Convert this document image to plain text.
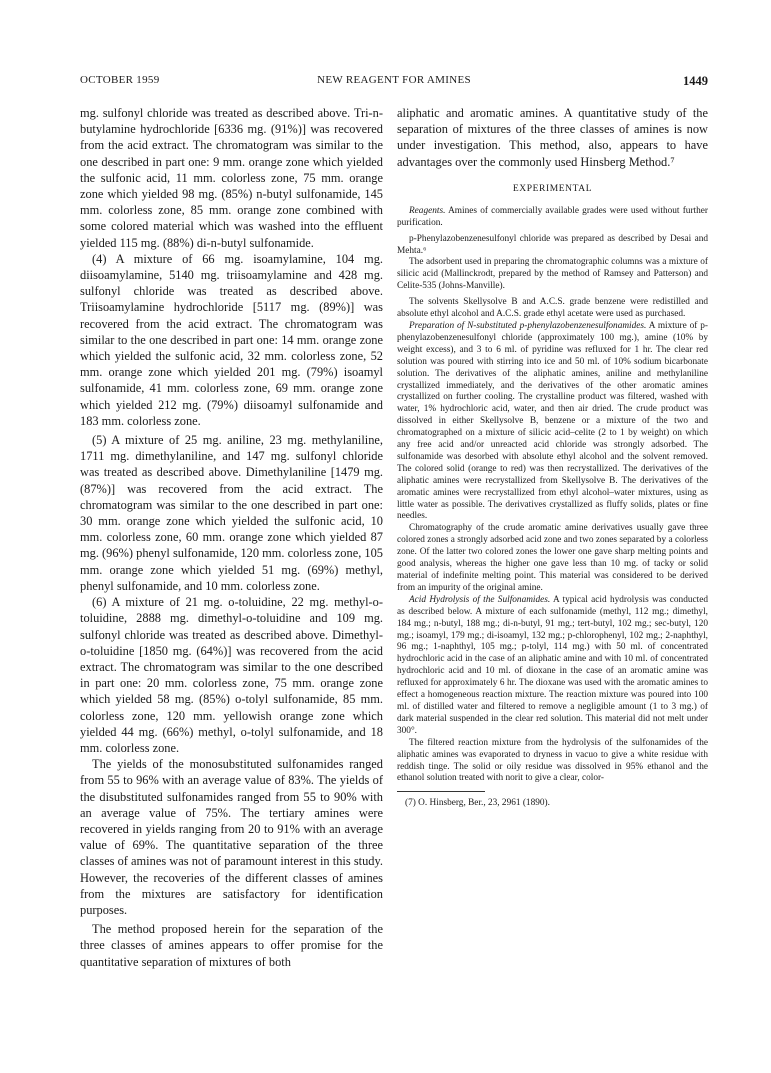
OCTOBER 1959	NEW REAGENT FOR AMINES	1449

mg. sulfonyl chloride was treated as described above. Tri-n-butylamine hydrochloride [6336 mg. (91%)] was recovered from the acid extract. The chromatogram was similar to the one described in part one: 9 mm. orange zone which yielded the sulfonic acid, 11 mm. colorless zone, 75 mm. orange zone which yielded 98 mg. (85%) n-butyl sulfonamide, 145 mm. colorless zone, 85 mm. orange zone combined with some colored material which was washed into the effluent yielded 115 mg. (88%) di-n-butyl sulfonamide.

(4) A mixture of 66 mg. isoamylamine, 104 mg. diisoamylamine, 5140 mg. triisoamylamine and 428 mg. sulfonyl chloride was treated as described above. Triisoamylamine hydrochloride [5117 mg. (89%)] was recovered from the acid extract. The chromatogram was similar to the one described in part one: 14 mm. orange zone which yielded the sulfonic acid, 32 mm. colorless zone, 52 mm. orange zone which yielded 201 mg. (79%) isoamyl sulfonamide, 41 mm. colorless zone, 69 mm. orange zone which yielded 212 mg. (79%) diisoamyl sulfonamide and 183 mm. colorless zone.

(5) A mixture of 25 mg. aniline, 23 mg. methylaniline, 1711 mg. dimethylaniline, and 147 mg. sulfonyl chloride was treated as described above. Dimethylaniline [1479 mg. (87%)] was recovered from the acid extract. The chromatogram was similar to the one described in part one: 30 mm. orange zone which yielded the sulfonic acid, 10 mm. colorless zone, 60 mm. orange zone which yielded 87 mg. (96%) phenyl sulfonamide, 120 mm. colorless zone, 105 mm. orange zone which yielded 51 mg. (69%) methyl, phenyl sulfonamide, and 10 mm. colorless zone.

(6) A mixture of 21 mg. o-toluidine, 22 mg. methyl-o-toluidine, 2888 mg. dimethyl-o-toluidine and 109 mg. sulfonyl chloride was treated as described above. Dimethyl-o-toluidine [1850 mg. (64%)] was recovered from the acid extract. The chromatogram was similar to the one described in part one: 20 mm. colorless zone, 75 mm. orange zone which yielded 58 mg. (85%) o-tolyl sulfonamide, 85 mm. colorless zone, 120 mm. yellowish orange zone which yielded 44 mg. (66%) methyl, o-tolyl sulfonamide, and 18 mm. colorless zone.

The yields of the monosubstituted sulfonamides ranged from 55 to 96% with an average value of 83%. The yields of the disubstituted sulfonamides ranged from 55 to 90% with an average value of 75%. The tertiary amines were recovered in yields ranging from 20 to 91% with an average value of 69%. The quantitative separation of the three classes of amines was not of paramount interest in this study. However, the recoveries of the different classes of amines from the mixtures are satisfactory for identification purposes.

The method proposed herein for the separation of the three classes of amines appears to offer promise for the quantitative separation of mixtures of both

aliphatic and aromatic amines. A quantitative study of the separation of mixtures of the three classes of amines is now under investigation. This method, also, appears to have advantages over the commonly used Hinsberg Method.⁷

EXPERIMENTAL

Reagents. Amines of commercially available grades were used without further purification.

p-Phenylazobenzenesulfonyl chloride was prepared as described by Desai and Mehta.⁶

The adsorbent used in preparing the chromatographic columns was a mixture of silicic acid (Mallinckrodt, prepared by the method of Ramsey and Patterson) and Celite-535 (Johns-Manville).

The solvents Skellysolve B and A.C.S. grade benzene were redistilled and absolute ethyl alcohol and A.C.S. grade ethyl acetate were used as purchased.

Preparation of N-substituted p-phenylazobenzenesulfonamides. A mixture of p-phenylazobenzenesulfonyl chloride (approximately 100 mg.), amine (10% by weight excess), and 3 to 6 ml. of pyridine was refluxed for 1 hr. The clear red solution was poured with stirring into ice and 50 ml. of 10% sodium bicarbonate solution. The derivatives of the aliphatic amines, aniline and methylaniline crystallized immediately, and the derivatives of the other aromatic amines crystallized on further cooling. The crystalline product was filtered, washed with water, 1% hydrochloric acid, water, and then air dried. The crude product was dissolved in either Skellysolve B, benzene or a mixture of the two and chromatographed on a mixture of silicic acid–celite (2 to 1 by weight) on which any free acid and/or unreacted acid chloride was strongly adsorbed. The sulfonamide was desorbed with absolute ethyl alcohol and the solvent removed. The colored solid (orange to red) was then recrystallized. The derivatives of the aliphatic amines were recrystallized from Skellysolve B. The derivatives of the aromatic amines were recrystallized from ethyl alcohol–water mixtures, using as little water as possible. The derivatives crystallized as fluffy solids, plates or fine needles.

Chromatography of the crude aromatic amine derivatives usually gave three colored zones a strongly adsorbed acid zone and two zones separated by a colorless zone. Of the latter two colored zones the lower one gave sharp melting points and good analysis, whereas the higher one gave less than 10 mg. of tacky or solid material of indefinite melting point. This material was considered to be derived from an impurity of the original amine.

Acid Hydrolysis of the Sulfonamides. A typical acid hydrolysis was conducted as described below. A mixture of each sulfonamide (methyl, 112 mg.; dimethyl, 184 mg.; n-butyl, 188 mg.; di-n-butyl, 91 mg.; tert-butyl, 102 mg.; sec-butyl, 120 mg.; isoamyl, 179 mg.; di-isoamyl, 132 mg.; p-chlorophenyl, 102 mg.; 2-naphthyl, 96 mg.; 1-naphthyl, 105 mg.; p-tolyl, 114 mg.) with 50 ml. of concentrated hydrochloric acid in the case of an aliphatic amine and with 10 ml. of concentrated hydrochloric acid and 10 ml. of dioxane in the case of an aromatic amine was refluxed for approximately 6 hr. The dioxane was used with the aromatic amines to effect a homogeneous reaction mixture. The reaction mixture was poured into 100 ml. of distilled water and filtered to remove a negligible amount (1 to 3 mg.) of dark material suspended in the clear red solution. This material did not melt under 300°.

The filtered reaction mixture from the hydrolysis of the sulfonamides of the aliphatic amines was evaporated to dryness in vacuo to give a white residue with reddish tinge. The solid or oily residue was dissolved in 95% ethanol and the ethanol solution treated with norit to give a clear, color-

(7) O. Hinsberg, Ber., 23, 2961 (1890).
